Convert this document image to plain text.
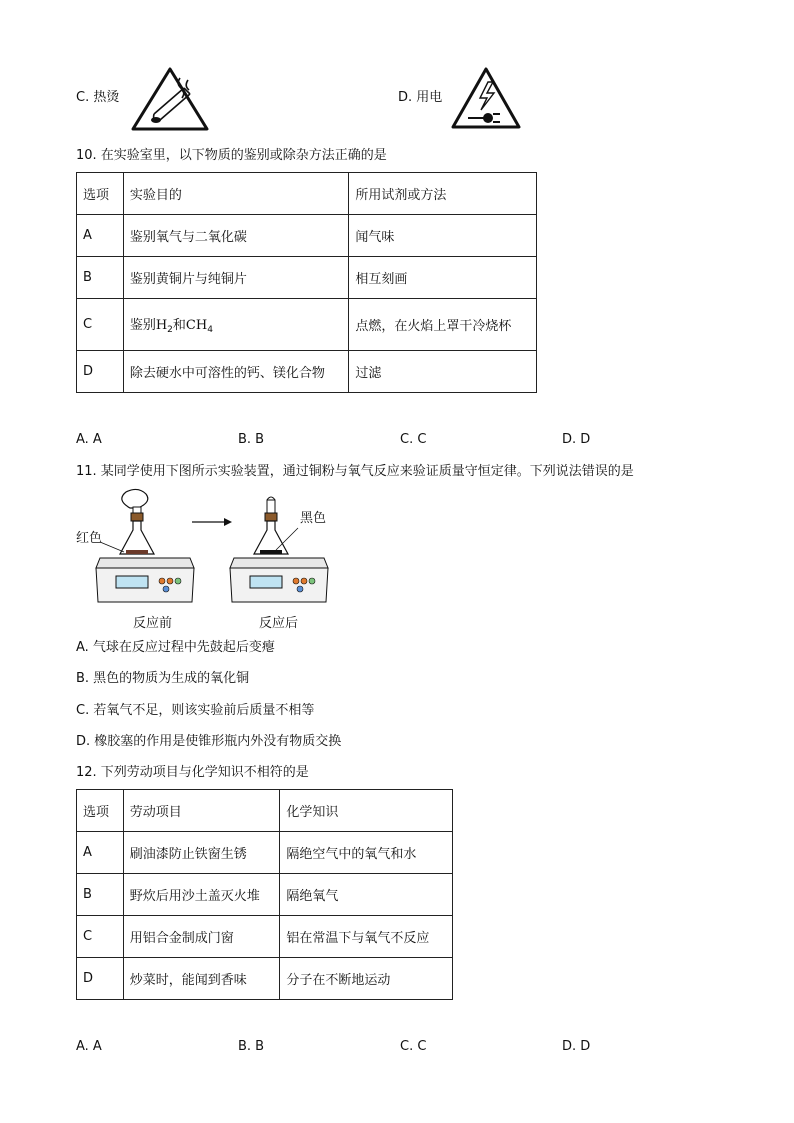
C. 热烫	D. 用电
10. 在实验室里，以下物质的鉴别或除杂方法正确的是
选项	实验目的	所用试剂或方法
A	鉴别氧气与二氧化碳	闻气味
B	鉴别黄铜片与纯铜片	相互刻画
C	鉴别$H_2$和$CH_4$	点燃，在火焰上罩干冷烧杯
D	除去硬水中可溶性的钙、镁化合物	过滤
A. A	B. B	C. C	D. D
11. 某同学使用下图所示实验装置，通过铜粉与氧气反应来验证质量守恒定律。下列说法错误的是
红色
反应前
黑色
反应后
A. 气球在反应过程中先鼓起后变瘪
B. 黑色的物质为生成的氧化铜
C. 若氧气不足，则该实验前后质量不相等
D. 橡胶塞的作用是使锥形瓶内外没有物质交换
12. 下列劳动项目与化学知识不相符的是
选项	劳动项目	化学知识
A	刷油漆防止铁窗生锈	隔绝空气中的氧气和水
B	野炊后用沙土盖灭火堆	隔绝氧气
C	用铝合金制成门窗	铝在常温下与氧气不反应
D	炒菜时，能闻到香味	分子在不断地运动
A. A	B. B	C. C	D. D
